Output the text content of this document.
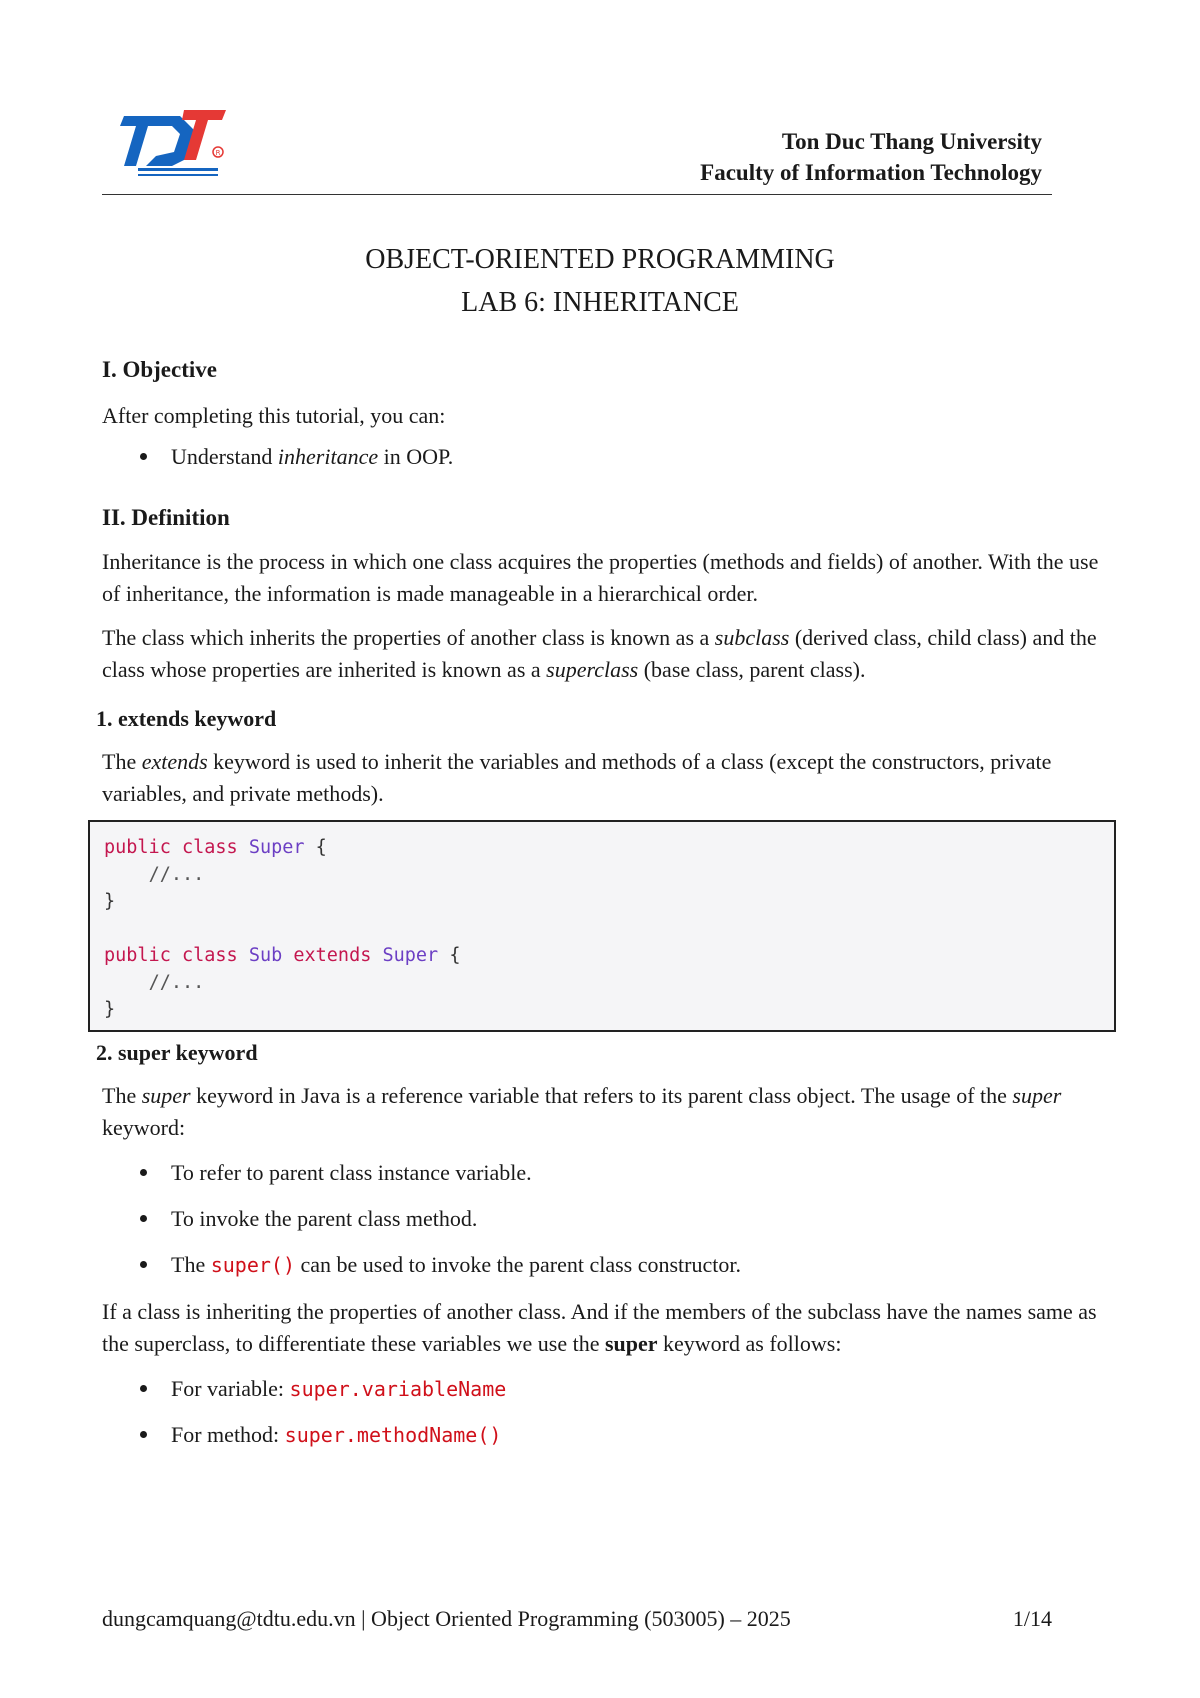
R	Ton Duc Thang University
Faculty of Information Technology
OBJECT-ORIENTED PROGRAMMING
LAB 6: INHERITANCE
I. Objective
After completing this tutorial, you can:
Understand inheritance in OOP.
II. Definition
Inheritance is the process in which one class acquires the properties (methods and fields) of another. With the use of inheritance, the information is made manageable in a hierarchical order.
The class which inherits the properties of another class is known as a subclass (derived class, child class) and the class whose properties are inherited is known as a superclass (base class, parent class).
1. extends keyword
The extends keyword is used to inherit the variables and methods of a class (except the constructors, private variables, and private methods).
public class Super {
//...
}

public class Sub extends Super {
//...
}
2. super keyword
The super keyword in Java is a reference variable that refers to its parent class object. The usage of the super keyword:
To refer to parent class instance variable.
To invoke the parent class method.
The super() can be used to invoke the parent class constructor.
If a class is inheriting the properties of another class. And if the members of the subclass have the names same as the superclass, to differentiate these variables we use the super keyword as follows:
For variable: super.variableName
For method: super.methodName()
dungcamquang@tdtu.edu.vn | Object Oriented Programming (503005) – 2025	1/14
